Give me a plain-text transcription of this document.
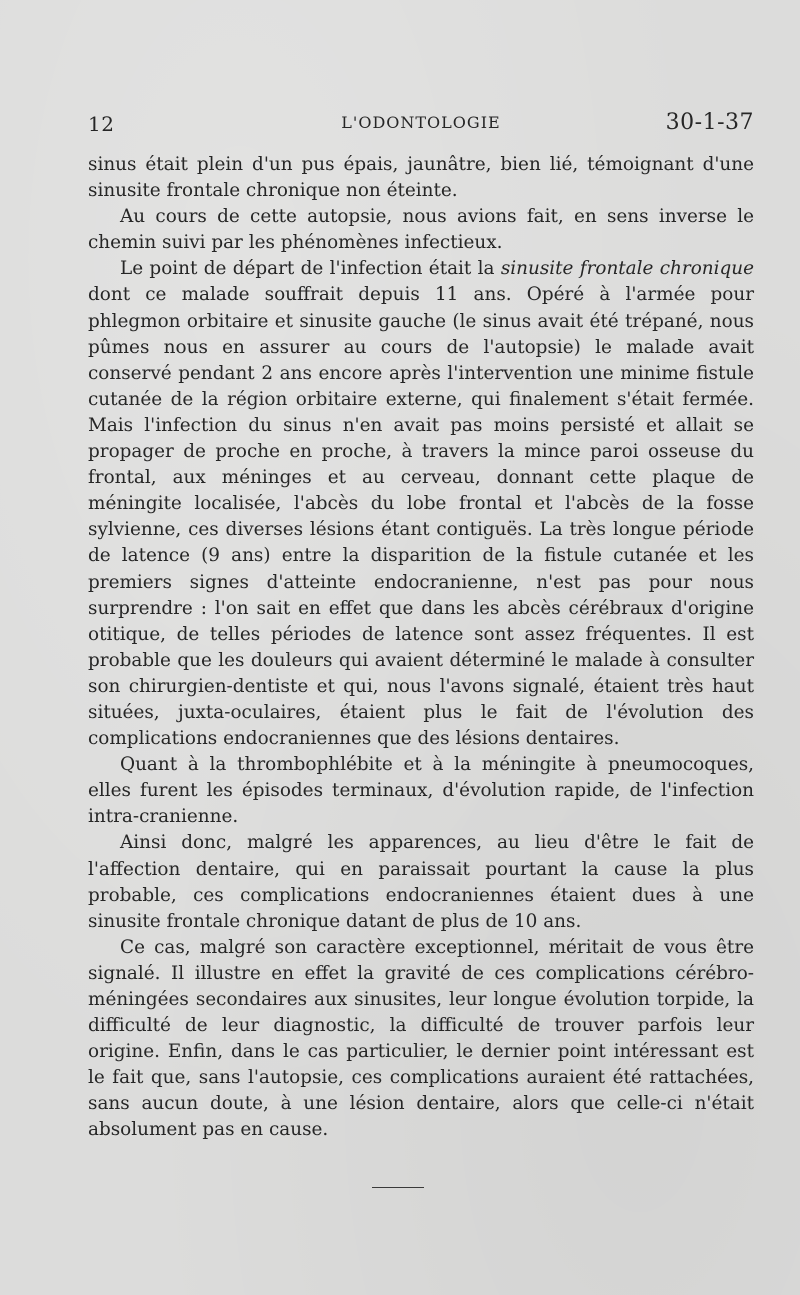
12	L'ODONTOLOGIE	30-1-37

sinus était plein d'un pus épais, jaunâtre, bien lié, témoignant d'une sinusite frontale chronique non éteinte.

Au cours de cette autopsie, nous avions fait, en sens inverse le chemin suivi par les phénomènes infectieux.

Le point de départ de l'infection était la sinusite frontale chronique dont ce malade souffrait depuis 11 ans. Opéré à l'armée pour phlegmon orbitaire et sinusite gauche (le sinus avait été trépané, nous pûmes nous en assurer au cours de l'autopsie) le malade avait conservé pendant 2 ans encore après l'intervention une minime fistule cutanée de la région orbitaire externe, qui finalement s'était fermée. Mais l'infection du sinus n'en avait pas moins persisté et allait se propager de proche en proche, à travers la mince paroi osseuse du frontal, aux méninges et au cerveau, donnant cette plaque de méningite localisée, l'abcès du lobe frontal et l'abcès de la fosse sylvienne, ces diverses lésions étant contiguës. La très longue période de latence (9 ans) entre la disparition de la fistule cutanée et les premiers signes d'atteinte endocranienne, n'est pas pour nous surprendre : l'on sait en effet que dans les abcès cérébraux d'origine otitique, de telles périodes de latence sont assez fréquentes. Il est probable que les douleurs qui avaient déterminé le malade à consulter son chirurgien-dentiste et qui, nous l'avons signalé, étaient très haut situées, juxta-oculaires, étaient plus le fait de l'évolution des complications endocraniennes que des lésions dentaires.

Quant à la thrombophlébite et à la méningite à pneumocoques, elles furent les épisodes terminaux, d'évolution rapide, de l'infection intra-cranienne.

Ainsi donc, malgré les apparences, au lieu d'être le fait de l'affection dentaire, qui en paraissait pourtant la cause la plus probable, ces complications endocraniennes étaient dues à une sinusite frontale chronique datant de plus de 10 ans.

Ce cas, malgré son caractère exceptionnel, méritait de vous être signalé. Il illustre en effet la gravité de ces complications cérébro-méningées secondaires aux sinusites, leur longue évolution torpide, la difficulté de leur diagnostic, la difficulté de trouver parfois leur origine. Enfin, dans le cas particulier, le dernier point intéressant est le fait que, sans l'autopsie, ces complications auraient été rattachées, sans aucun doute, à une lésion dentaire, alors que celle-ci n'était absolument pas en cause.
